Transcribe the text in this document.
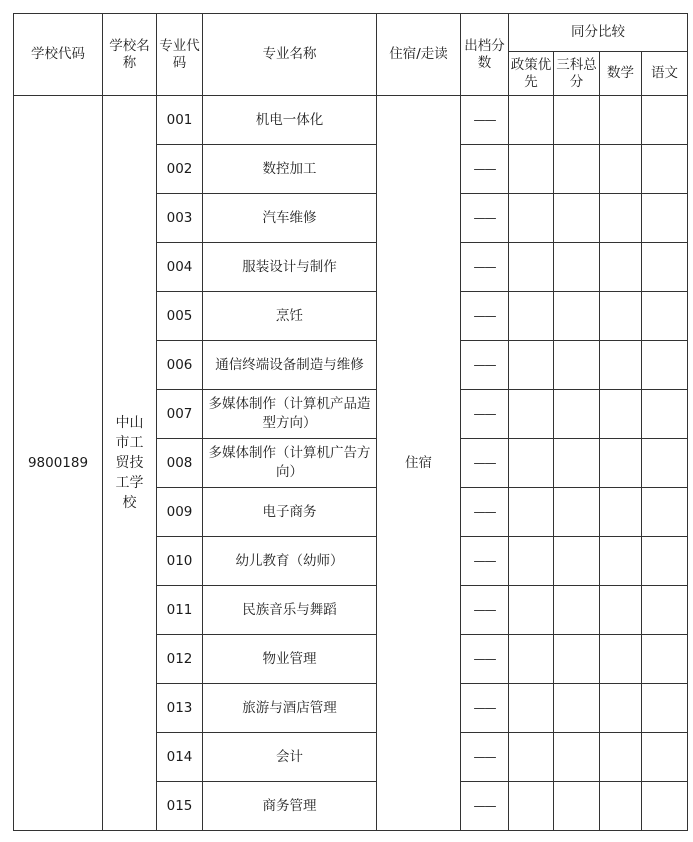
学校代码	学校名称	专业代码	专业名称	住宿/走读	出档分数	同分比较			
						政策优先	三科总分	数学	语文
9800189	中山市工贸技工学校	001	机电一体化	住宿	——				
		002	数控加工		——				
		003	汽车维修		——				
		004	服装设计与制作		——				
		005	烹饪		——				
		006	通信终端设备制造与维修		——				
		007	多媒体制作（计算机产品造型方向）		——				
		008	多媒体制作（计算机广告方向）		——				
		009	电子商务		——				
		010	幼儿教育（幼师）		——				
		011	民族音乐与舞蹈		——				
		012	物业管理		——				
		013	旅游与酒店管理		——				
		014	会计		——				
		015	商务管理		——				
